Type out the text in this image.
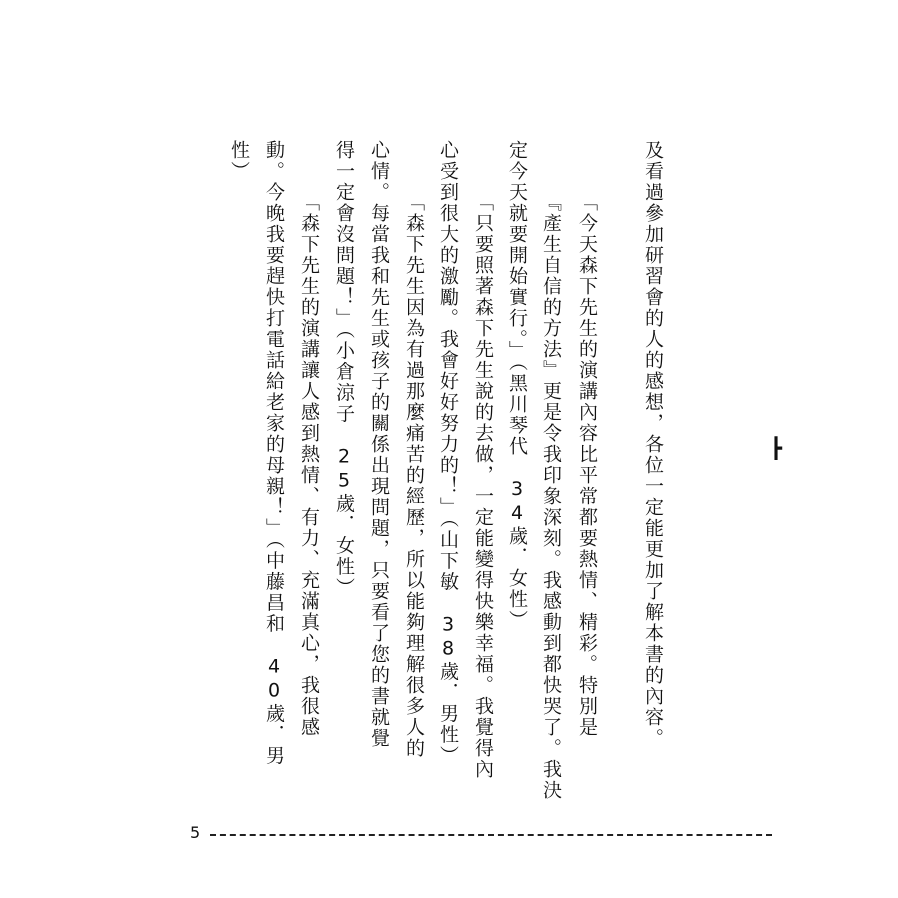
及看過參加研習會的人的感想，各位一定能更加了解本書的內容。
「今天森下先生的演講內容比平常都要熱情、精彩。特別是
『產生自信的方法』更是令我印象深刻。我感動到都快哭了。我決
定今天就要開始實行。」（黑川琴代　34歲．女性）
「只要照著森下先生說的去做，一定能變得快樂幸福。我覺得內
心受到很大的激勵。我會好好努力的！」（山下敏　38歲．男性）
「森下先生因為有過那麼痛苦的經歷，所以能夠理解很多人的
心情。每當我和先生或孩子的關係出現問題，只要看了您的書就覺
得一定會沒問題！」（小倉涼子　25歲．女性）
「森下先生的演講讓人感到熱情、有力、充滿真心，我很感
動。今晚我要趕快打電話給老家的母親！」（中藤昌和　40歲．男
性）
┣
5
